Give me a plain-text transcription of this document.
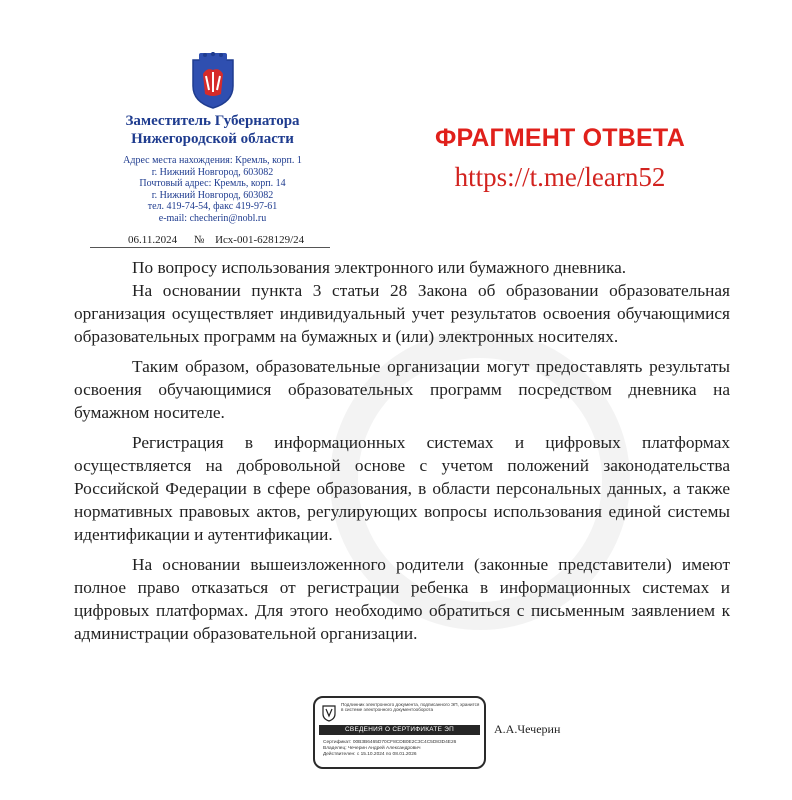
Заместитель Губернатора
Нижегородской области
Адрес места нахождения: Кремль, корп. 1
г. Нижний Новгород, 603082
Почтовый адрес: Кремль, корп. 14
г. Нижний Новгород, 603082
тел. 419-74-54, факс 419-97-61
e-mail: checherin@nobl.ru
06.11.2024 № Исх-001-628129/24
ФРАГМЕНТ ОТВЕТА
https://t.me/learn52

По вопросу использования электронного или бумажного дневника.

На основании пункта 3 статьи 28 Закона об образовании образовательная организация осуществляет индивидуальный учет результатов освоения обучающимися образовательных программ на бумажных и (или) электронных носителях.

Таким образом, образовательные организации могут предоставлять результаты освоения обучающимися образовательных программ посредством дневника на бумажном носителе.

Регистрация в информационных системах и цифровых платформах осуществляется на добровольной основе с учетом положений законодательства Российской Федерации в сфере образования, в области персональных данных, а также нормативных правовых актов, регулирующих вопросы использования единой системы идентификации и аутентификации.

На основании вышеизложенного родители (законные представители) имеют полное право отказаться от регистрации ребенка в информационных системах и цифровых платформах. Для этого необходимо обратиться с письменным заявлением к администрации образовательной организации.

Подлинник электронного документа, подписанного ЭП, хранится в системе электронного документооборота
СВЕДЕНИЯ О СЕРТИФИКАТЕ ЭП
Сертификат: 00B3B6465D70CF8CDB0E2C3C4C5D83D4E26
Владелец: Чечерин Андрей Александрович
Действителен: с 15.10.2024 по 08.01.2026
А.А.Чечерин
